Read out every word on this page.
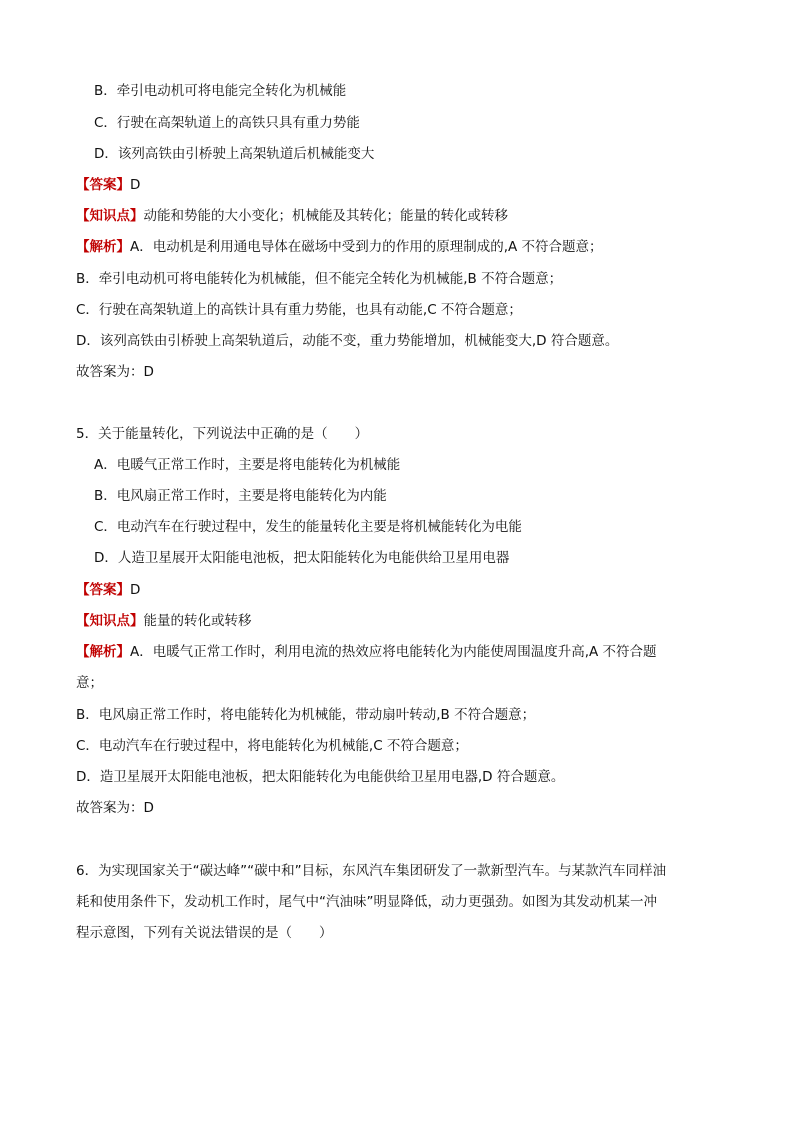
B．牵引电动机可将电能完全转化为机械能
C．行驶在高架轨道上的高铁只具有重力势能
D．该列高铁由引桥驶上高架轨道后机械能变大
【答案】D
【知识点】动能和势能的大小变化；机械能及其转化；能量的转化或转移
【解析】A．电动机是利用通电导体在磁场中受到力的作用的原理制成的,A 不符合题意；
B．牵引电动机可将电能转化为机械能，但不能完全转化为机械能,B 不符合题意；
C．行驶在高架轨道上的高铁计具有重力势能，也具有动能,C 不符合题意；
D．该列高铁由引桥驶上高架轨道后，动能不变，重力势能增加，机械能变大,D 符合题意。
故答案为：D
5．关于能量转化，下列说法中正确的是（　　）
A．电暖气正常工作时，主要是将电能转化为机械能
B．电风扇正常工作时，主要是将电能转化为内能
C．电动汽车在行驶过程中，发生的能量转化主要是将机械能转化为电能
D．人造卫星展开太阳能电池板，把太阳能转化为电能供给卫星用电器
【答案】D
【知识点】能量的转化或转移
【解析】A．电暖气正常工作时，利用电流的热效应将电能转化为内能使周围温度升高,A 不符合题
意；
B．电风扇正常工作时，将电能转化为机械能，带动扇叶转动,B 不符合题意；
C．电动汽车在行驶过程中，将电能转化为机械能,C 不符合题意；
D．造卫星展开太阳能电池板，把太阳能转化为电能供给卫星用电器,D 符合题意。
故答案为：D
6．为实现国家关于“碳达峰”“碳中和”目标，东风汽车集团研发了一款新型汽车。与某款汽车同样油
耗和使用条件下，发动机工作时，尾气中“汽油味”明显降低，动力更强劲。如图为其发动机某一冲
程示意图，下列有关说法错误的是（　　）
